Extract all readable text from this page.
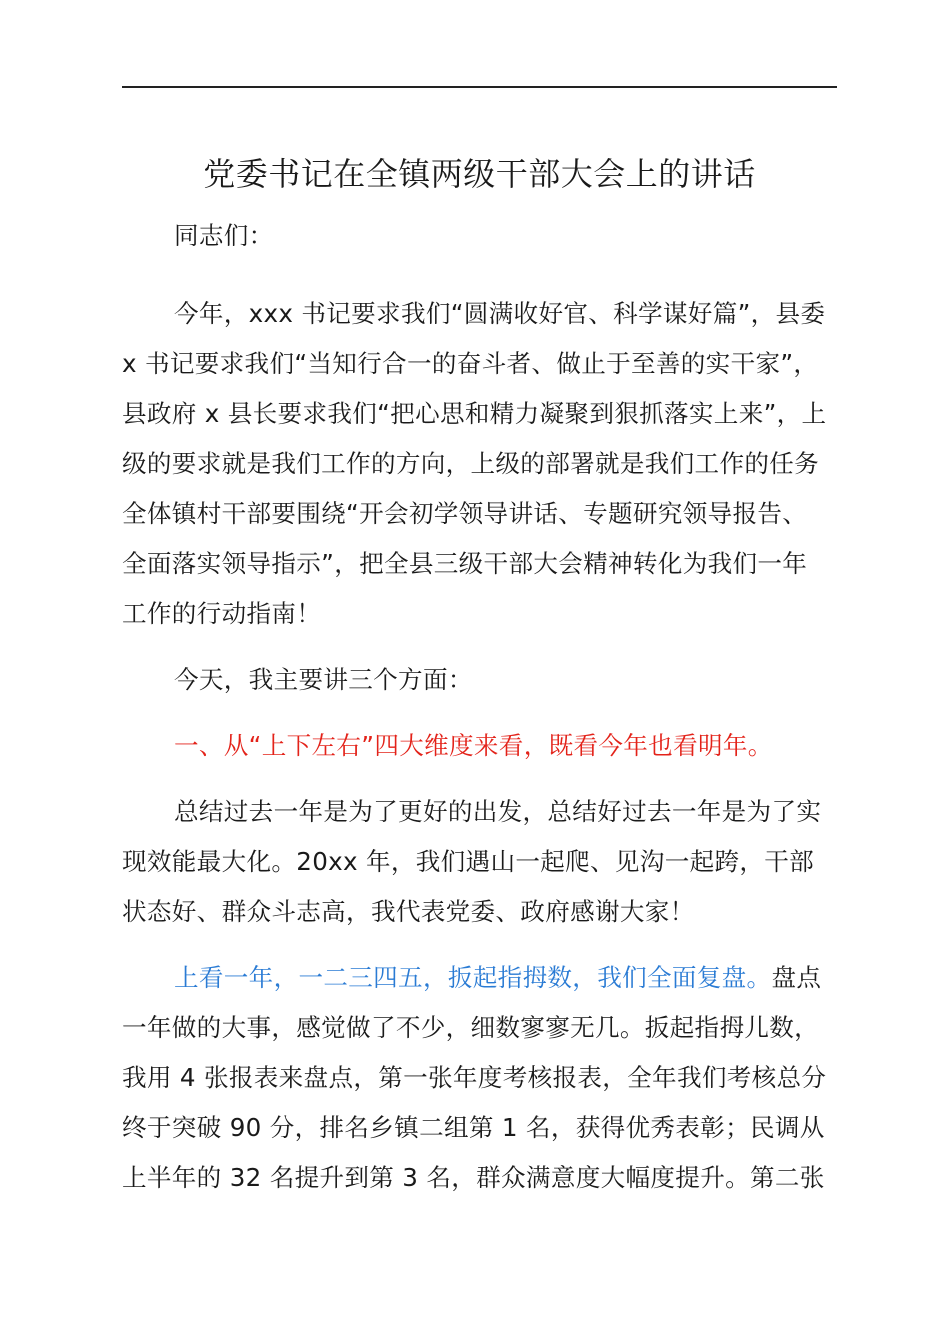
党委书记在全镇两级干部大会上的讲话
同志们：
今年，xxx 书记要求我们“圆满收好官、科学谋好篇”，县委
x 书记要求我们“当知行合一的奋斗者、做止于至善的实干家”，
县政府 x 县长要求我们“把心思和精力凝聚到狠抓落实上来”，上
级的要求就是我们工作的方向，上级的部署就是我们工作的任务
全体镇村干部要围绕“开会初学领导讲话、专题研究领导报告、
全面落实领导指示”，把全县三级干部大会精神转化为我们一年
工作的行动指南！
今天，我主要讲三个方面：
一、从“上下左右”四大维度来看，既看今年也看明年。
总结过去一年是为了更好的出发，总结好过去一年是为了实
现效能最大化。20xx 年，我们遇山一起爬、见沟一起跨，干部
状态好、群众斗志高，我代表党委、政府感谢大家！
上看一年，一二三四五，扳起指拇数，我们全面复盘。盘点
一年做的大事，感觉做了不少，细数寥寥无几。扳起指拇儿数，
我用 4 张报表来盘点，第一张年度考核报表，全年我们考核总分
终于突破 90 分，排名乡镇二组第 1 名，获得优秀表彰；民调从
上半年的 32 名提升到第 3 名，群众满意度大幅度提升。第二张
